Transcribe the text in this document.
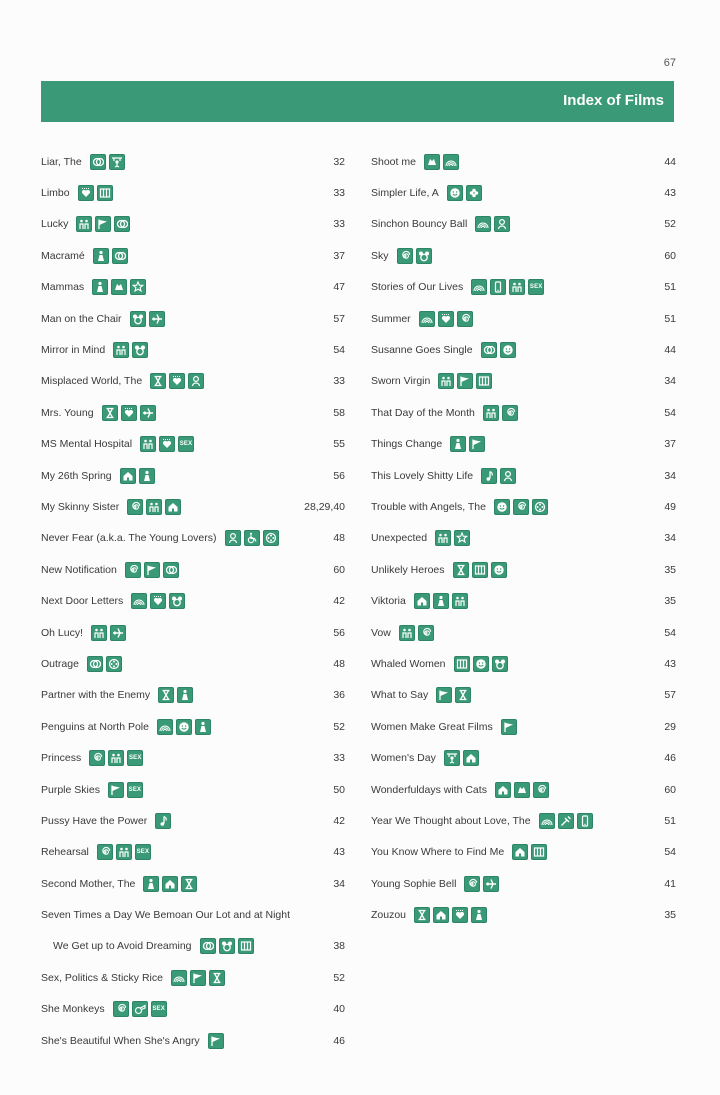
67
Index of Films
Liar, The	32
Limbo	33
Lucky	33
Macramé	37
Mammas	47
Man on the Chair	57
Mirror in Mind	54
Misplaced World, The	33
Mrs. Young	58
MS Mental Hospital	SEX	55
My 26th Spring	56
My Skinny Sister	28,29,40
Never Fear (a.k.a. The Young Lovers)	48
New Notification	60
Next Door Letters	42
Oh Lucy!	56
Outrage	48
Partner with the Enemy	36
Penguins at North Pole	52
Princess	SEX	33
Purple Skies	SEX	50
Pussy Have the Power	42
Rehearsal	SEX	43
Second Mother, The	34
Seven Times a Day We Bemoan Our Lot and at Night
We Get up to Avoid Dreaming	38
Sex, Politics & Sticky Rice	52
She Monkeys	SEX	40
She's Beautiful When She's Angry	46
Shoot me	44
Simpler Life, A	43
Sinchon Bouncy Ball	52
Sky	60
Stories of Our Lives	SEX	51
Summer	51
Susanne Goes Single	44
Sworn Virgin	34
That Day of the Month	54
Things Change	37
This Lovely Shitty Life	34
Trouble with Angels, The	49
Unexpected	34
Unlikely Heroes	35
Viktoria	35
Vow	54
Whaled Women	43
What to Say	57
Women Make Great Films	29
Women's Day	46
Wonderfuldays with Cats	60
Year We Thought about Love, The	51
You Know Where to Find Me	54
Young Sophie Bell	41
Zouzou	35
